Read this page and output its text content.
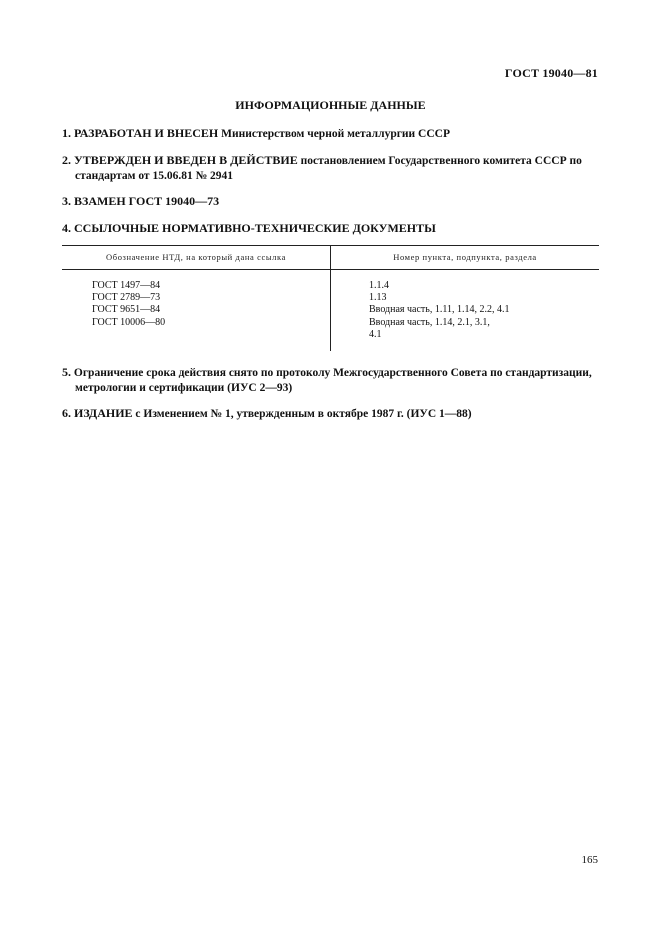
ГОСТ 19040—81
ИНФОРМАЦИОННЫЕ ДАННЫЕ
1. РАЗРАБОТАН И ВНЕСЕН Министерством черной металлургии СССР
2. УТВЕРЖДЕН И ВВЕДЕН В ДЕЙСТВИЕ постановлением Государственного комитета СССР по
стандартам от 15.06.81 № 2941
3. ВЗАМЕН ГОСТ 19040—73
4. ССЫЛОЧНЫЕ НОРМАТИВНО-ТЕХНИЧЕСКИЕ ДОКУМЕНТЫ
Обозначение НТД, на который дана ссылка	Номер пункта, подпункта, раздела
ГОСТ 1497—84
ГОСТ 2789—73
ГОСТ 9651—84
ГОСТ 10006—80
1.1.4
1.13
Вводная часть, 1.11, 1.14, 2.2, 4.1
Вводная часть, 1.14, 2.1, 3.1,
4.1
5. Ограничение срока действия снято по протоколу Межгосударственного Совета по стандартизации,
метрологии и сертификации (ИУС 2—93)
6. ИЗДАНИЕ с Изменением № 1, утвержденным в октябре 1987 г. (ИУС 1—88)
165
